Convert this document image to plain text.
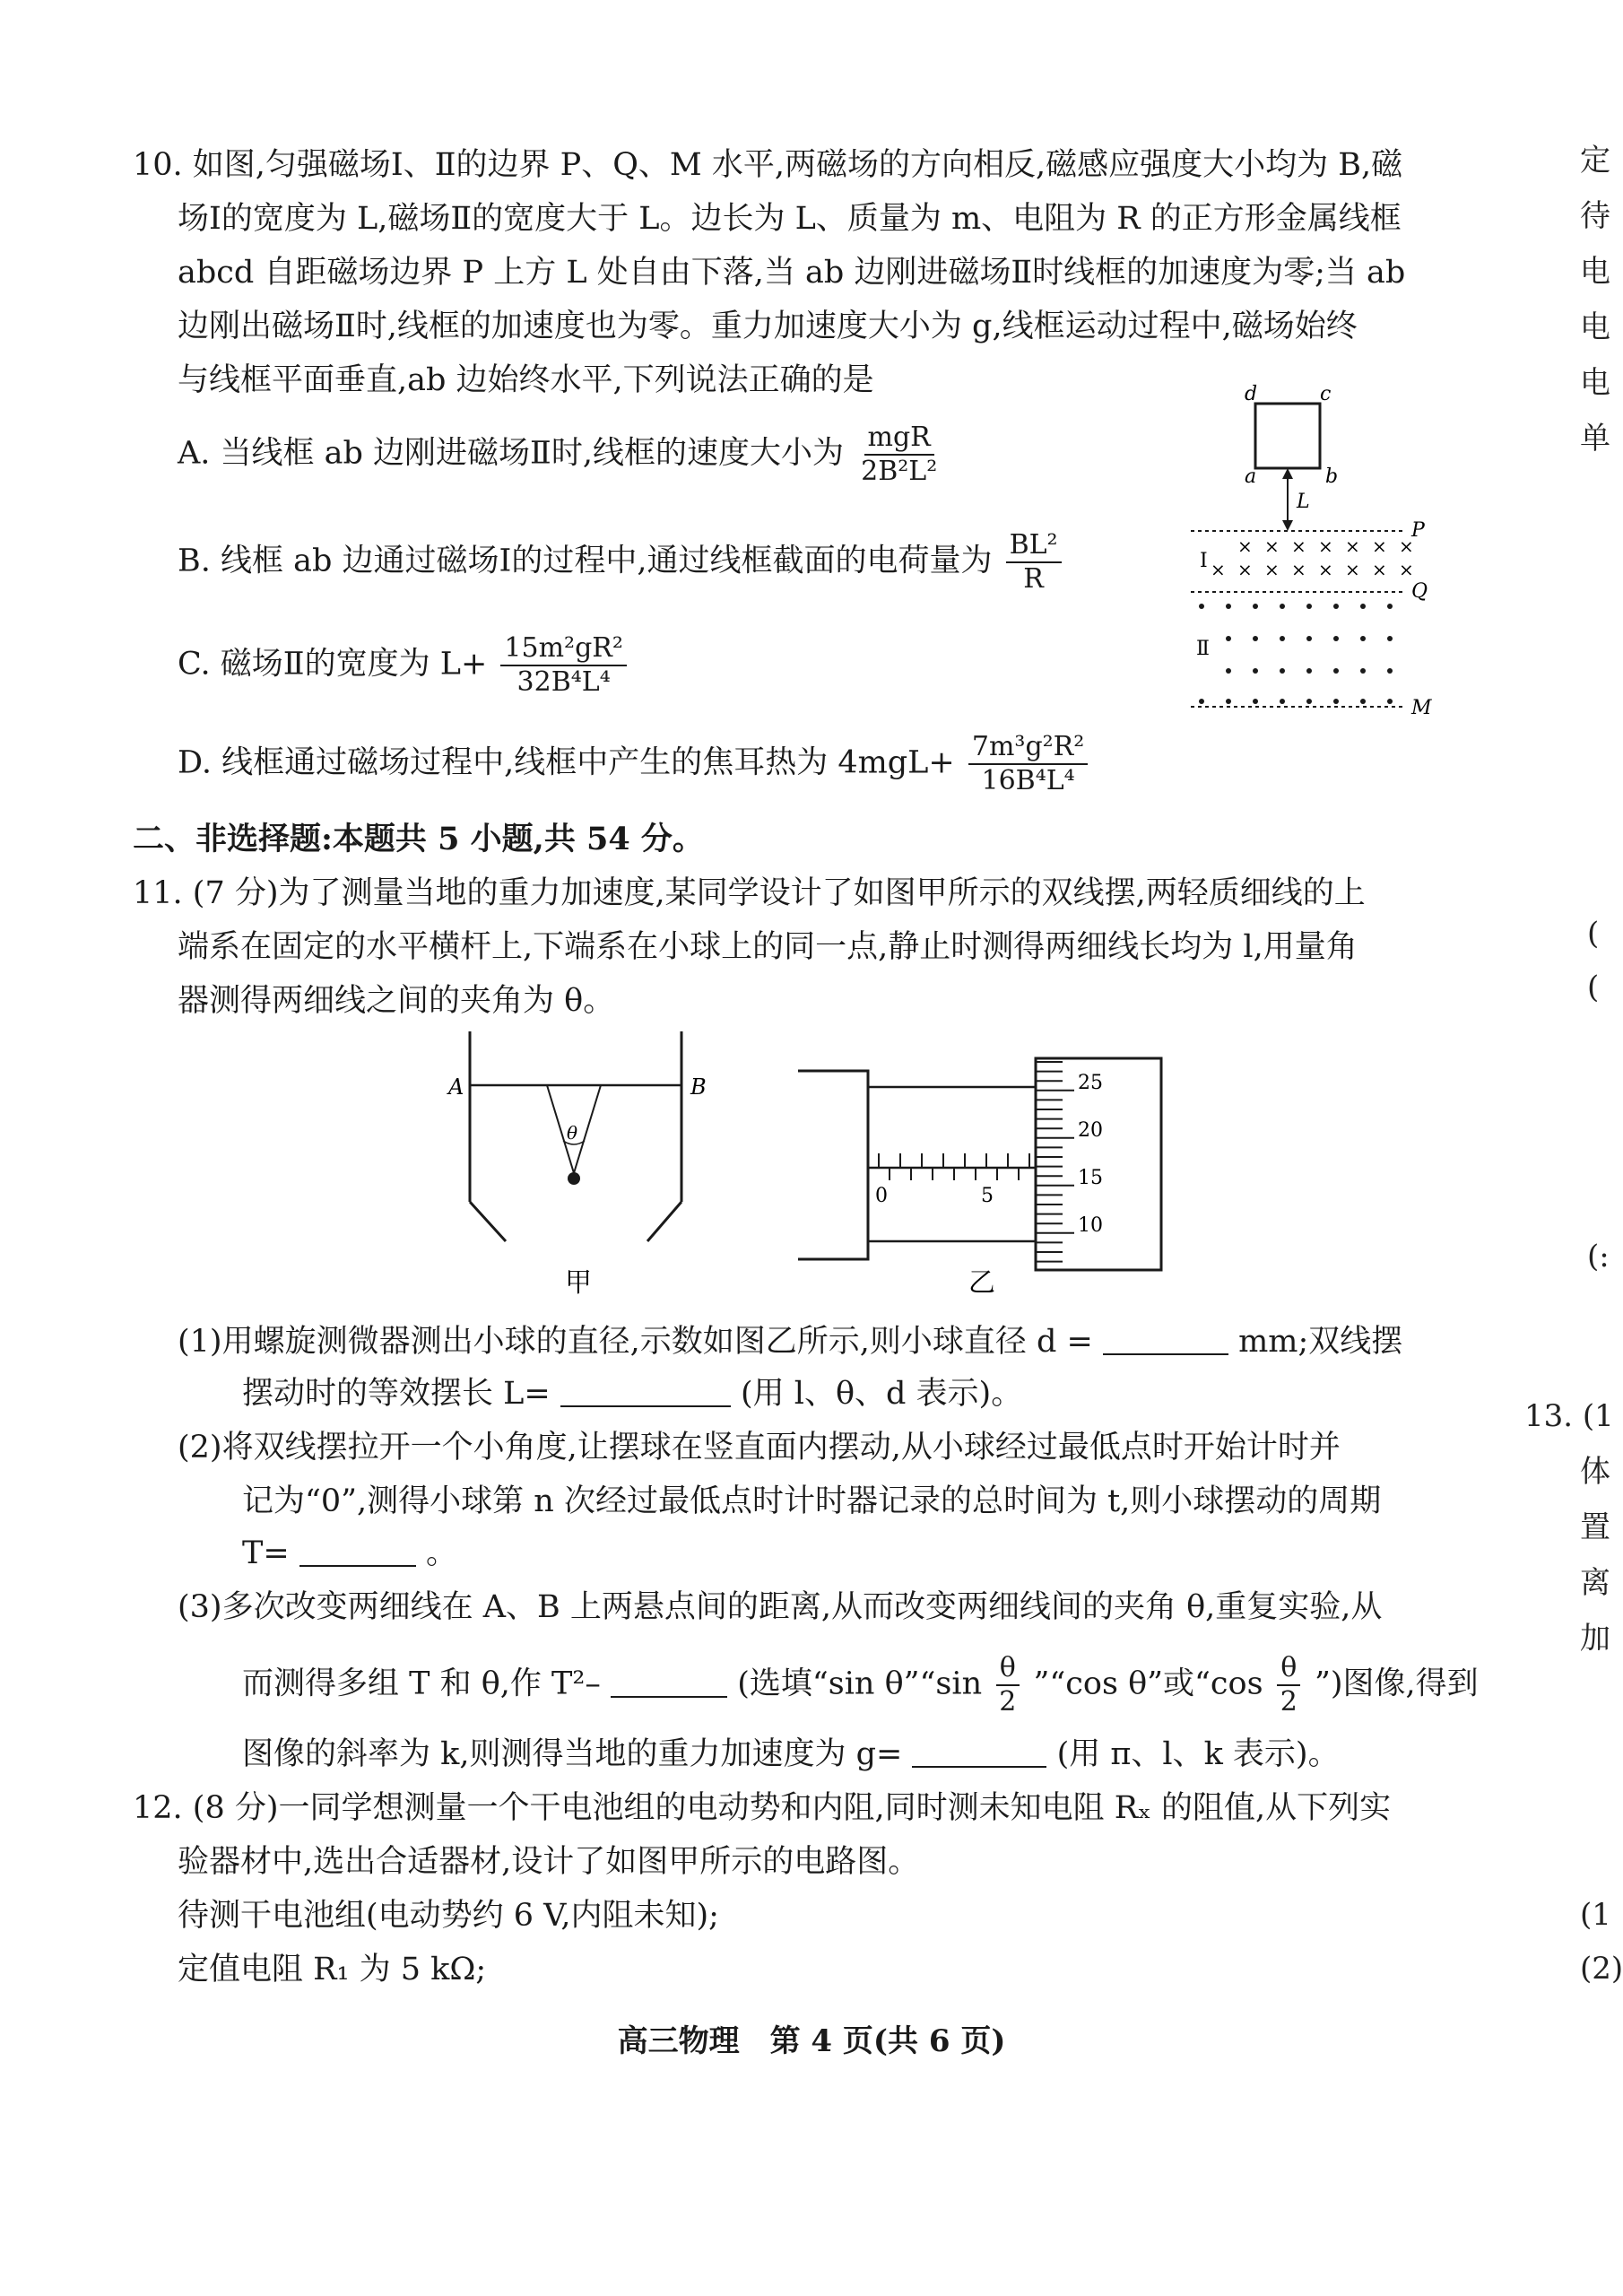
10. 如图,匀强磁场Ⅰ、Ⅱ的边界 P、Q、M 水平,两磁场的方向相反,磁感应强度大小均为 B,磁
场Ⅰ的宽度为 L,磁场Ⅱ的宽度大于 L。边长为 L、质量为 m、电阻为 R 的正方形金属线框
abcd 自距磁场边界 P 上方 L 处自由下落,当 ab 边刚进磁场Ⅱ时线框的加速度为零;当 ab
边刚出磁场Ⅱ时,线框的加速度也为零。重力加速度大小为 g,线框运动过程中,磁场始终
与线框平面垂直,ab 边始终水平,下列说法正确的是
A. 当线框 ab 边刚进磁场Ⅱ时,线框的速度大小为 $\frac{\text{mgR}}{\text{2B²L²}}$
B. 线框 ab 边通过磁场Ⅰ的过程中,通过线框截面的电荷量为 $\frac{\text{BL²}}{R}$
C. 磁场Ⅱ的宽度为 $L+ \frac{\text{15m²gR²}}{\text{32B⁴L⁴}}$
D. 线框通过磁场过程中,线框中产生的焦耳热为 $4mgL+ \frac{\text{7m³g²R²}}{\text{16B⁴L⁴}}$
d	c
a	b
L
P
× × × × × × ×
× × × × × × × ×
Ⅰ
Q
Ⅱ
M
二、非选择题:本题共 5 小题,共 54 分。
11. (7 分)为了测量当地的重力加速度,某同学设计了如图甲所示的双线摆,两轻质细线的上
端系在固定的水平横杆上,下端系在小球上的同一点,静止时测得两细线长均为 l,用量角
器测得两细线之间的夹角为 θ。
A	B
θ
甲
0	5
25
20
15
10
乙
(1)用螺旋测微器测出小球的直径,示数如图乙所示,则小球直径 d =	mm;双线摆
摆动时的等效摆长 L=	(用 l、θ、d 表示)。
(2)将双线摆拉开一个小角度,让摆球在竖直面内摆动,从小球经过最低点时开始计时并
记为“0”,测得小球第 n 次经过最低点时计时器记录的总时间为 t,则小球摆动的周期
T=	。
(3)多次改变两细线在 A、B 上两悬点间的距离,从而改变两细线间的夹角 θ,重复实验,从
而测得多组 T 和 θ,作 T²–	(选填“sin θ”“sin $\frac{\theta}{2}$ ”“cos θ”或“$\cos \frac{\theta}{2}$ ”)图像,得到
图像的斜率为 k,则测得当地的重力加速度为 g=	(用 π、l、k 表示)。
12. (8 分)一同学想测量一个干电池组的电动势和内阻,同时测未知电阻 Rₓ 的阻值,从下列实
验器材中,选出合适器材,设计了如图甲所示的电路图。
待测干电池组(电动势约 6 V,内阻未知);
定值电阻 R₁ 为 5 kΩ;
高三物理　第 4 页(共 6 页)
定
待
电
电
电
单
(
(
(:
13. (1
体
置
离
加
(1
(2)
